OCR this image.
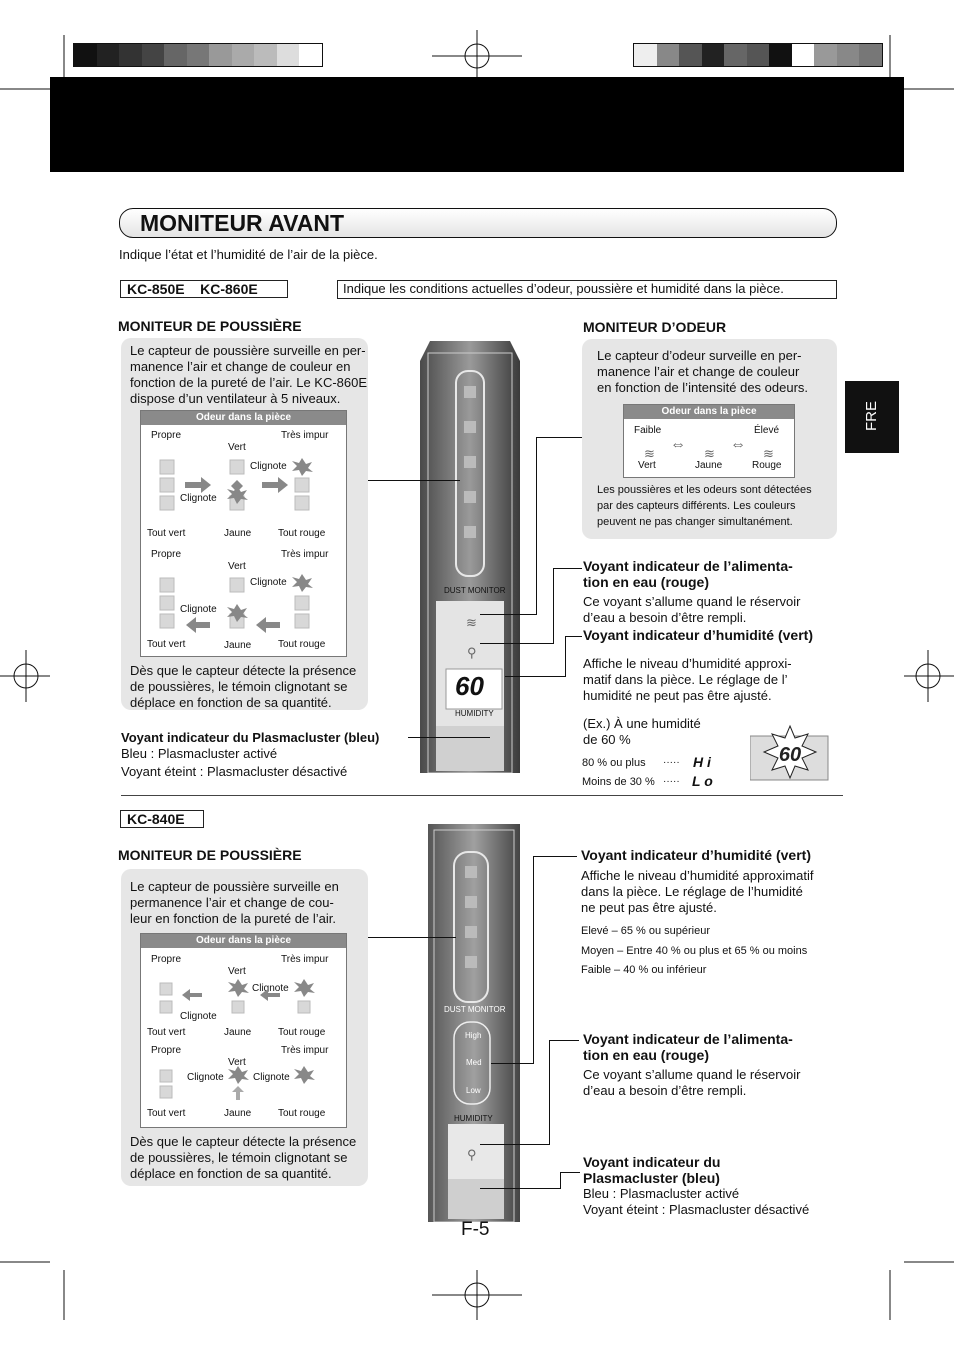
FRE
MONITEUR AVANT
Indique l’état et l’humidité de l’air de la pièce.
KC-850E    KC-860E	Indique les conditions actuelles d’odeur, poussière et humidité dans la pièce.
MONITEUR DE POUSSIÈRE
Le capteur de poussière surveille en per-
manence l’air et change de couleur en
fonction de la pureté de l’air. Le KC-860E
dispose d’un ventilateur à 5 niveaux.
Odeur dans la pièce
Propre	Très impur
Vert
Clignote
Clignote
Tout vert	Jaune	Tout rouge
Propre	Très impur
Vert
Clignote
Clignote
Tout vert	Jaune	Tout rouge
Dès que le capteur détecte la présence
de poussières, le témoin clignotant se
déplace en fonction de sa quantité.
Voyant indicateur du Plasmacluster (bleu)
Bleu : Plasmacluster activé
Voyant éteint : Plasmacluster désactivé
DUST MONITOR
≋
⚲
60
HUMIDITY
MONITEUR D’ODEUR
Le capteur d’odeur surveille en per-
manence l’air et change de couleur
en fonction de l’intensité des odeurs.
Odeur dans la pièce
Faible	Élevé
≋
⇔
≋
⇔
≋
Vert	Jaune	Rouge
Les poussières et les odeurs sont détectées
par des capteurs différents. Les couleurs
peuvent ne pas changer simultanément.
Voyant indicateur de l’alimenta-
tion en eau (rouge)
Ce voyant s’allume quand le réservoir
d’eau a besoin d’être rempli.
Voyant indicateur d’humidité (vert)
Affiche le niveau d’humidité approxi-
matif dans la pièce. Le réglage de l’
humidité ne peut pas être ajusté.
(Ex.) À une humidité
de 60 %
80 % ou plus ····· H i
Moins de 30 % ····· L o
60
KC-840E
MONITEUR DE POUSSIÈRE
Le capteur de poussière surveille en
permanence l’air et change de cou-
leur en fonction de la pureté de l’air.
Odeur dans la pièce
Propre	Très impur
Vert
Clignote
Clignote
Tout vert	Jaune	Tout rouge
Propre	Très impur
Vert
Clignote	Clignote
Tout vert	Jaune	Tout rouge
Dès que le capteur détecte la présence
de poussières, le témoin clignotant se
déplace en fonction de sa quantité.
DUST MONITOR
High
Med
Low
HUMIDITY
⚲
Voyant indicateur d’humidité (vert)
Affiche le niveau d’humidité approximatif
dans la pièce. Le réglage de l’humidité
ne peut pas être ajusté.
Elevé – 65 % ou supérieur
Moyen – Entre 40 % ou plus et 65 % ou moins
Faible – 40 % ou inférieur
Voyant indicateur de l’alimenta-
tion en eau (rouge)
Ce voyant s’allume quand le réservoir
d’eau a besoin d’être rempli.
Voyant indicateur du
Plasmacluster (bleu)
Bleu : Plasmacluster activé
Voyant éteint : Plasmacluster désactivé
F-5
